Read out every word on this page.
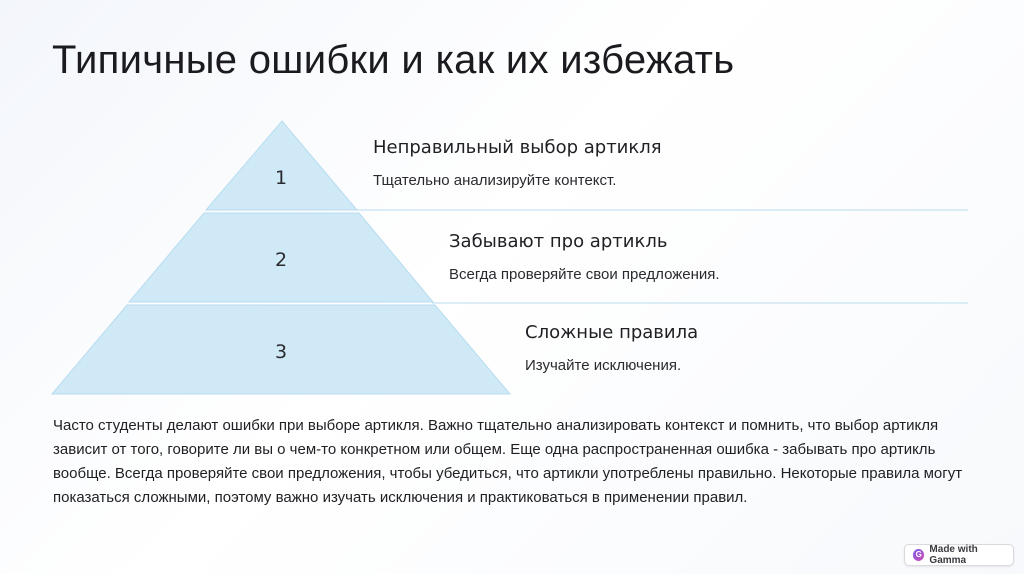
Типичные ошибки и как их избежать
1
2
3

Неправильный выбор артикля

Тщательно анализируйте контекст.

Забывают про артикль

Всегда проверяйте свои предложения.

Сложные правила

Изучайте исключения.

Часто студенты делают ошибки при выборе артикля. Важно тщательно анализировать контекст и помнить, что выбор артикля зависит от того, говорите ли вы о чем-то конкретном или общем. Еще одна распространенная ошибка - забывать про артикль вообще. Всегда проверяйте свои предложения, чтобы убедиться, что артикли употреблены правильно. Некоторые правила могут показаться сложными, поэтому важно изучать исключения и практиковаться в применении правил.

G Made with Gamma
